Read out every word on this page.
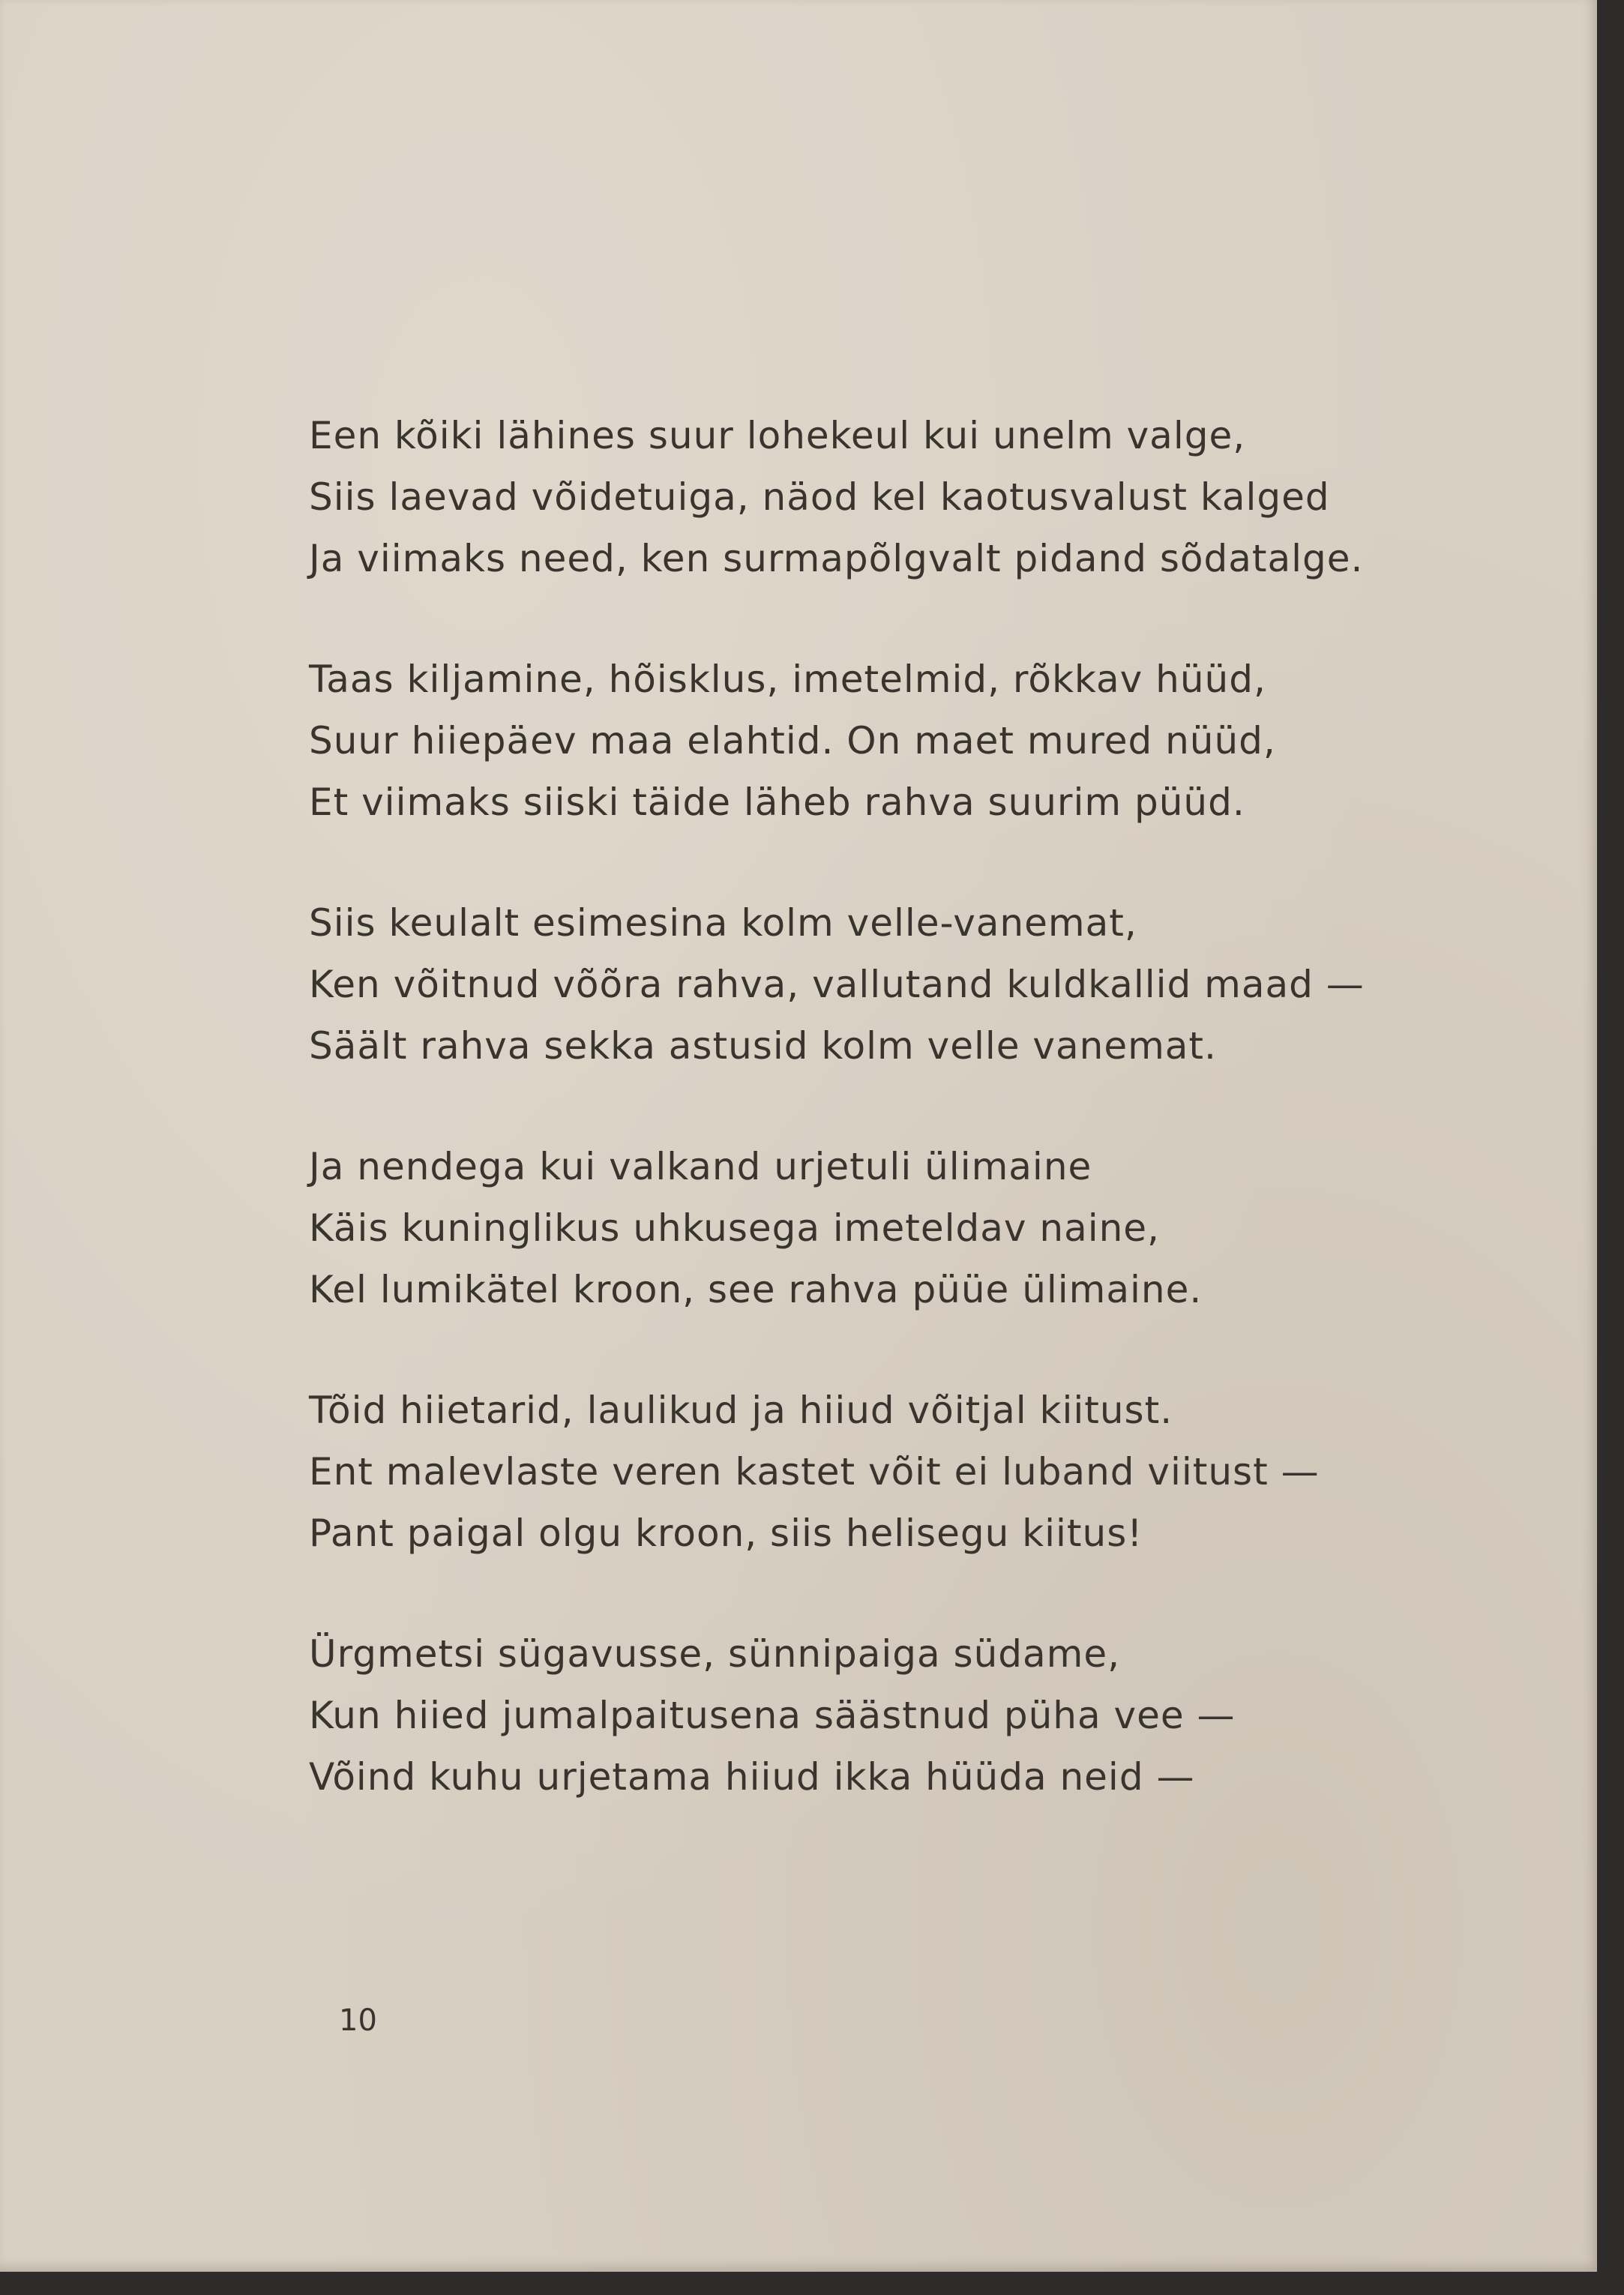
Een kõiki lähines suur lohekeul kui unelm valge,
Siis laevad võidetuiga, näod kel kaotusvalust kalged
Ja viimaks need, ken surmapõlgvalt pidand sõdatalge.
Taas kiljamine, hõisklus, imetelmid, rõkkav hüüd,
Suur hiiepäev maa elahtid. On maet mured nüüd,
Et viimaks siiski täide läheb rahva suurim püüd.
Siis keulalt esimesina kolm velle-vanemat,
Ken võitnud võõra rahva, vallutand kuldkallid maad —
Säält rahva sekka astusid kolm velle vanemat.
Ja nendega kui valkand urjetuli ülimaine
Käis kuninglikus uhkusega imeteldav naine,
Kel lumikätel kroon, see rahva püüe ülimaine.
Tõid hiietarid, laulikud ja hiiud võitjal kiitust.
Ent malevlaste veren kastet võit ei luband viitust —
Pant paigal olgu kroon, siis helisegu kiitus!
Ürgmetsi sügavusse, sünnipaiga südame,
Kun hiied jumalpaitusena säästnud püha vee —
Võind kuhu urjetama hiiud ikka hüüda neid —
10
